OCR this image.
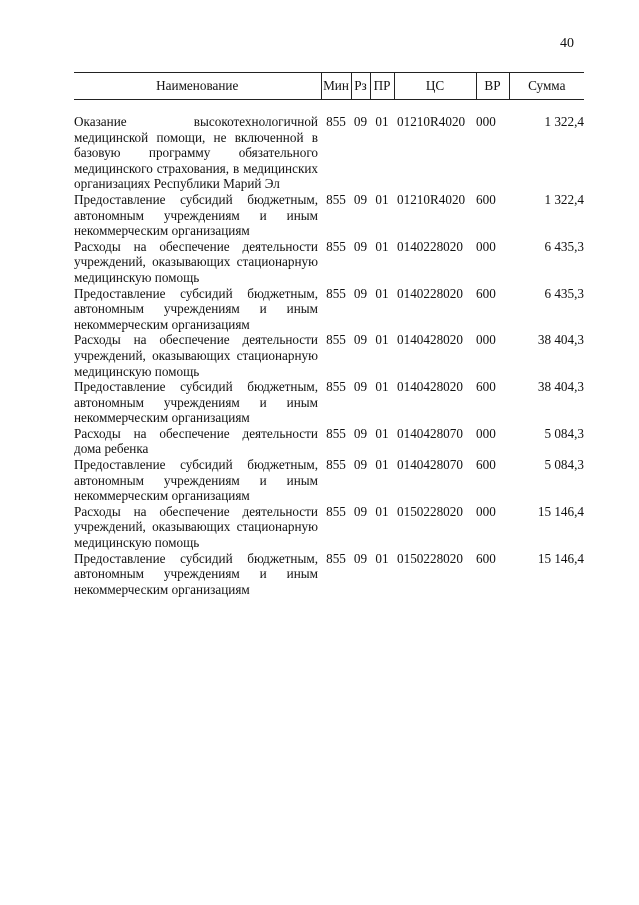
40
Наименование	Мин	Рз	ПР	ЦС	ВР	Сумма

Оказание высокотехнологичной медицинской помощи, не включенной в базовую программу обязательного медицинского страхования, в медицинских организациях Республики Марий Эл	855	09	01	01210R4020	000	1 322,4
Предоставление субсидий бюджетным, автономным учреждениям и иным некоммерческим организациям	855	09	01	01210R4020	600	1 322,4
Расходы на обеспечение деятельности учреждений, оказывающих стационарную медицинскую помощь	855	09	01	0140228020	000	6 435,3
Предоставление субсидий бюджетным, автономным учреждениям и иным некоммерческим организациям	855	09	01	0140228020	600	6 435,3
Расходы на обеспечение деятельности учреждений, оказывающих стационарную медицинскую помощь	855	09	01	0140428020	000	38 404,3
Предоставление субсидий бюджетным, автономным учреждениям и иным некоммерческим организациям	855	09	01	0140428020	600	38 404,3
Расходы на обеспечение деятельности дома ребенка	855	09	01	0140428070	000	5 084,3
Предоставление субсидий бюджетным, автономным учреждениям и иным некоммерческим организациям	855	09	01	0140428070	600	5 084,3
Расходы на обеспечение деятельности учреждений, оказывающих стационарную медицинскую помощь	855	09	01	0150228020	000	15 146,4
Предоставление субсидий бюджетным, автономным учреждениям и иным некоммерческим организациям	855	09	01	0150228020	600	15 146,4
